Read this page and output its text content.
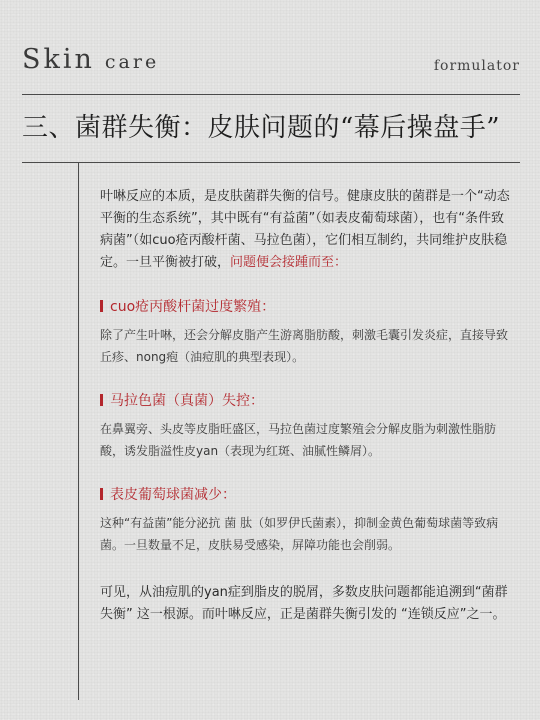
Skin care	formulator
三、菌群失衡：皮肤问题的“幕后操盘手”

叶啉反应的本质，是皮肤菌群失衡的信号。健康皮肤的菌群是一个“动态平衡的生态系统”，其中既有“有益菌”（如表皮葡萄球菌），也有“条件致病菌”（如cuo疮丙酸杆菌、马拉色菌），它们相互制约，共同维护皮肤稳定。一旦平衡被打破，问题便会接踵而至：

cuo疮丙酸杆菌过度繁殖：

除了产生叶啉，还会分解皮脂产生游离脂肪酸，刺激毛囊引发炎症，直接导致丘疹、nong疱（油痘肌的典型表现）。

马拉色菌（真菌）失控：

在鼻翼旁、头皮等皮脂旺盛区，马拉色菌过度繁殖会分解皮脂为刺激性脂肪酸，诱发脂溢性皮yan（表现为红斑、油腻性鳞屑）。

表皮葡萄球菌减少：

这种“有益菌”能分泌抗 菌 肽（如罗伊氏菌素），抑制金黄色葡萄球菌等致病菌。一旦数量不足，皮肤易受感染，屏障功能也会削弱。

可见，从油痘肌的yan症到脂皮的脱屑，多数皮肤问题都能追溯到“菌群失衡” 这一根源。而叶啉反应，正是菌群失衡引发的 “连锁反应”之一。
